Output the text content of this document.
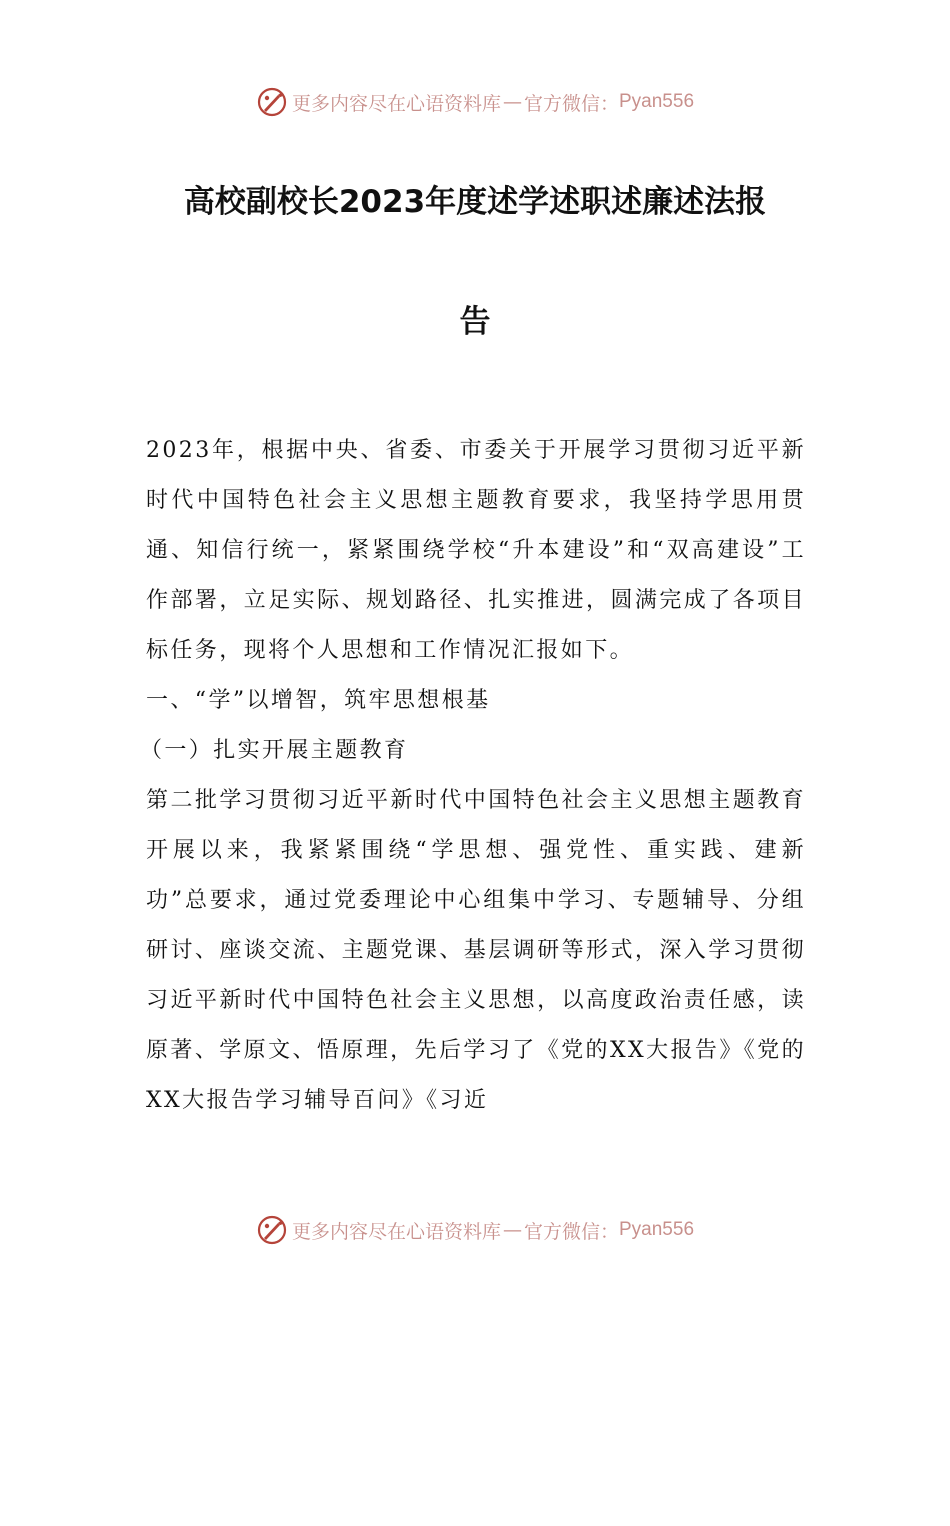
更多内容尽在心语资料库 — 官方微信： Pyan556
高校副校长2023年度述学述职述廉述法报
告

2023年，根据中央、省委、市委关于开展学习贯彻习近平新时代中国特色社会主义思想主题教育要求，我坚持学思用贯通、知信行统一，紧紧围绕学校“升本建设”和“双高建设”工作部署，立足实际、规划路径、扎实推进，圆满完成了各项目标任务，现将个人思想和工作情况汇报如下。

一、“学”以增智，筑牢思想根基

（一）扎实开展主题教育

第二批学习贯彻习近平新时代中国特色社会主义思想主题教育开展以来，我紧紧围绕“学思想、强党性、重实践、建新功”总要求，通过党委理论中心组集中学习、专题辅导、分组研讨、座谈交流、主题党课、基层调研等形式，深入学习贯彻习近平新时代中国特色社会主义思想，以高度政治责任感，读原著、学原文、悟原理，先后学习了《党的XX大报告》《党的XX大报告学习辅导百问》《习近

更多内容尽在心语资料库 — 官方微信： Pyan556
